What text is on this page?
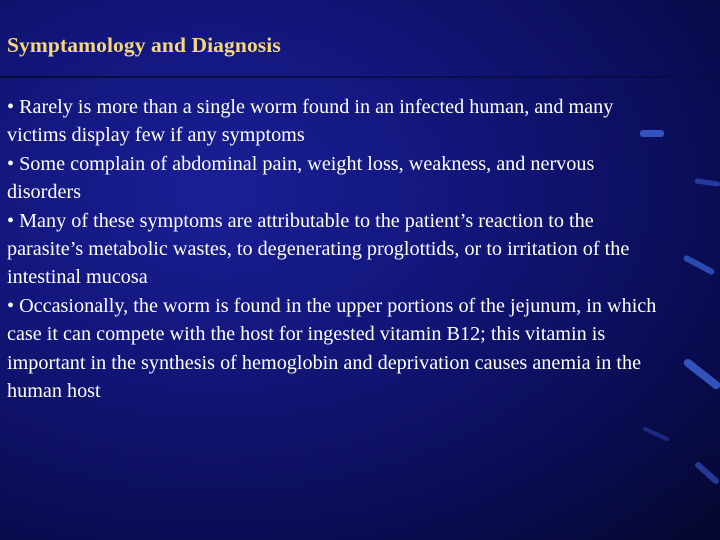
Symptamology and Diagnosis
• Rarely is more than a single worm found in an infected human, and many victims display few if any symptoms
• Some complain of abdominal pain, weight loss, weakness, and nervous disorders
• Many of these symptoms are attributable to the patient’s reaction to the parasite’s metabolic wastes, to degenerating proglottids, or to irritation of the intestinal mucosa
• Occasionally, the worm is found in the upper portions of the jejunum, in which case it can compete with the host for ingested vitamin B12; this vitamin is important in the synthesis of hemoglobin and deprivation causes anemia in the human host
